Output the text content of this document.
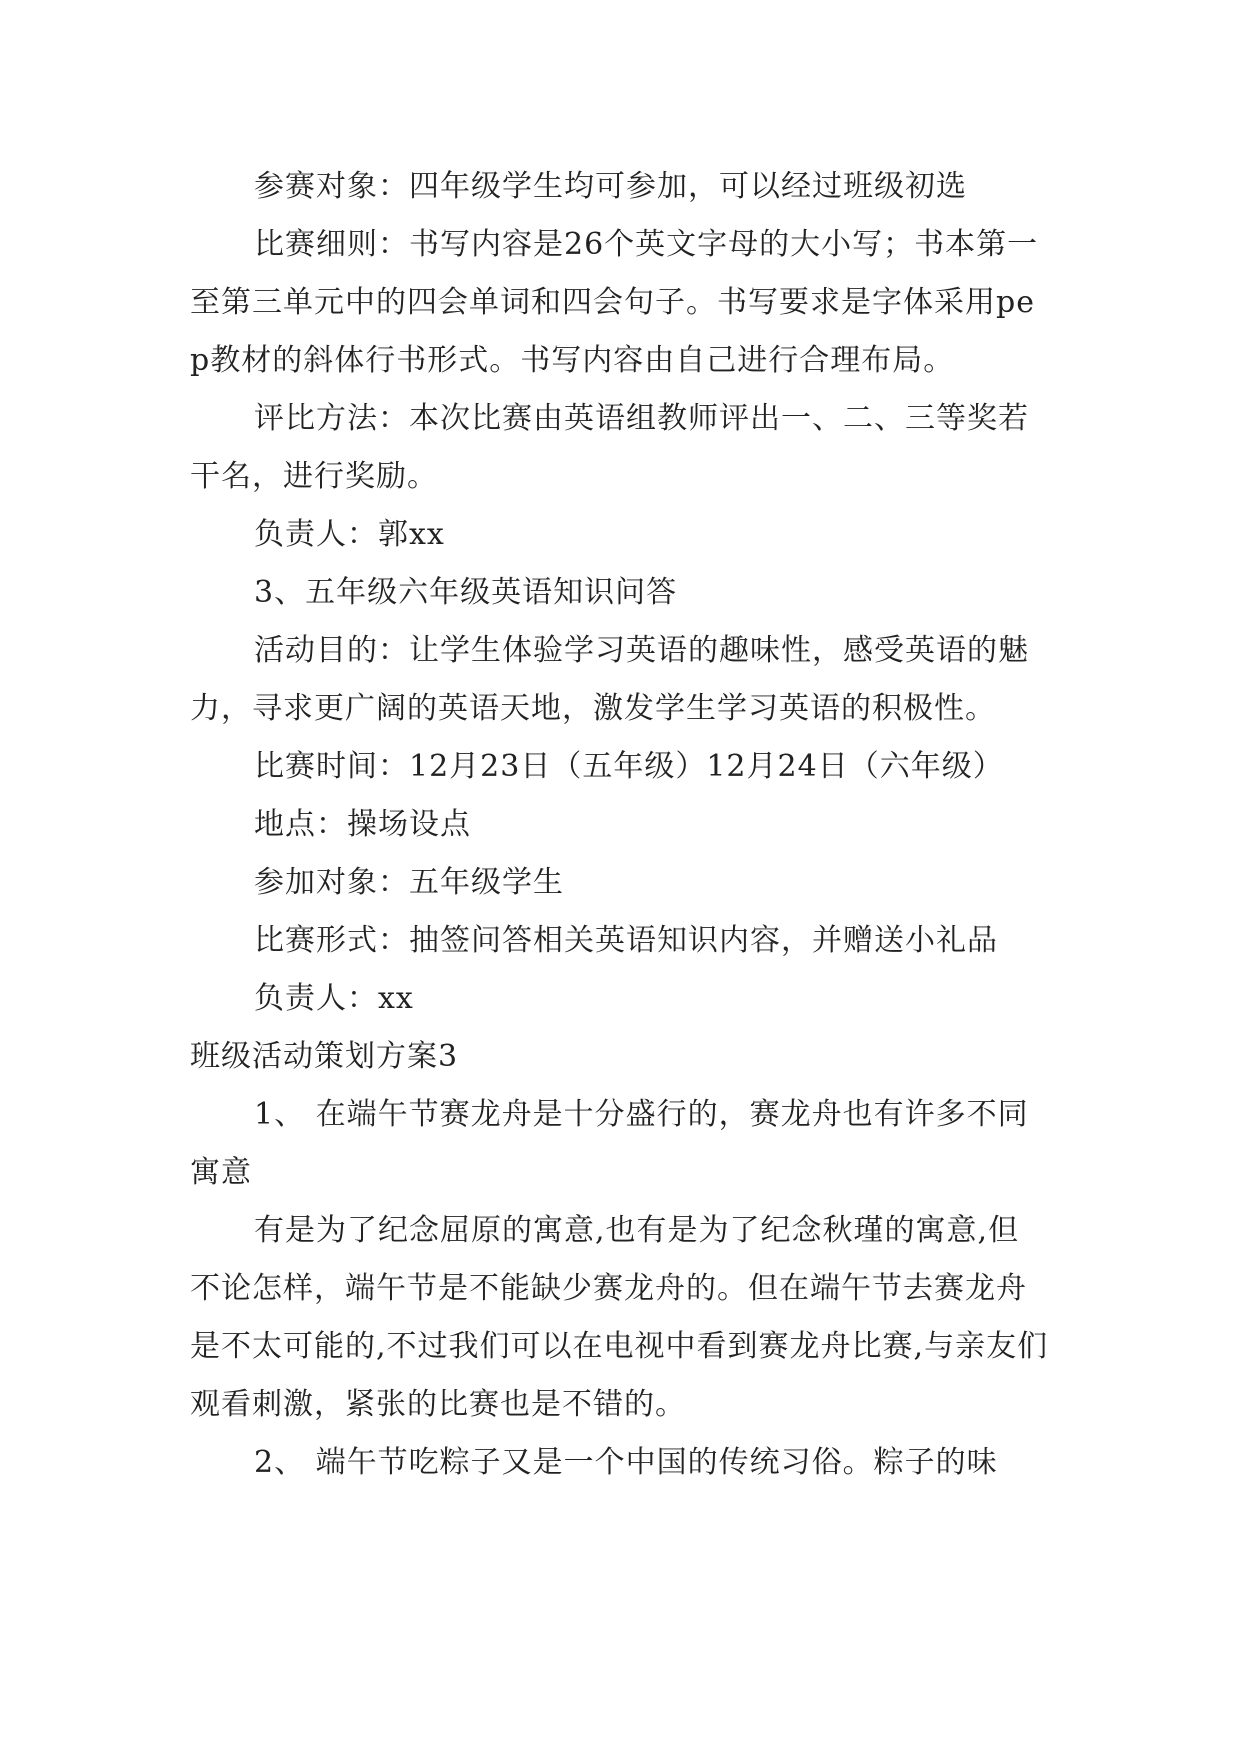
参赛对象：四年级学生均可参加，可以经过班级初选

比赛细则：书写内容是26个英文字母的大小写；书本第一至第三单元中的四会单词和四会句子。书写要求是字体采用pep教材的斜体行书形式。书写内容由自己进行合理布局。

评比方法：本次比赛由英语组教师评出一、二、三等奖若干名，进行奖励。

负责人：郭xx

3、五年级六年级英语知识问答

活动目的：让学生体验学习英语的趣味性，感受英语的魅力，寻求更广阔的英语天地，激发学生学习英语的积极性。

比赛时间：12月23日（五年级）12月24日（六年级）

地点：操场设点

参加对象：五年级学生

比赛形式：抽签问答相关英语知识内容，并赠送小礼品

负责人：xx

班级活动策划方案3

1、 在端午节赛龙舟是十分盛行的，赛龙舟也有许多不同寓意

有是为了纪念屈原的寓意,也有是为了纪念秋瑾的寓意,但不论怎样，端午节是不能缺少赛龙舟的。但在端午节去赛龙舟是不太可能的,不过我们可以在电视中看到赛龙舟比赛,与亲友们观看刺激，紧张的比赛也是不错的。

2、 端午节吃粽子又是一个中国的传统习俗。粽子的味
